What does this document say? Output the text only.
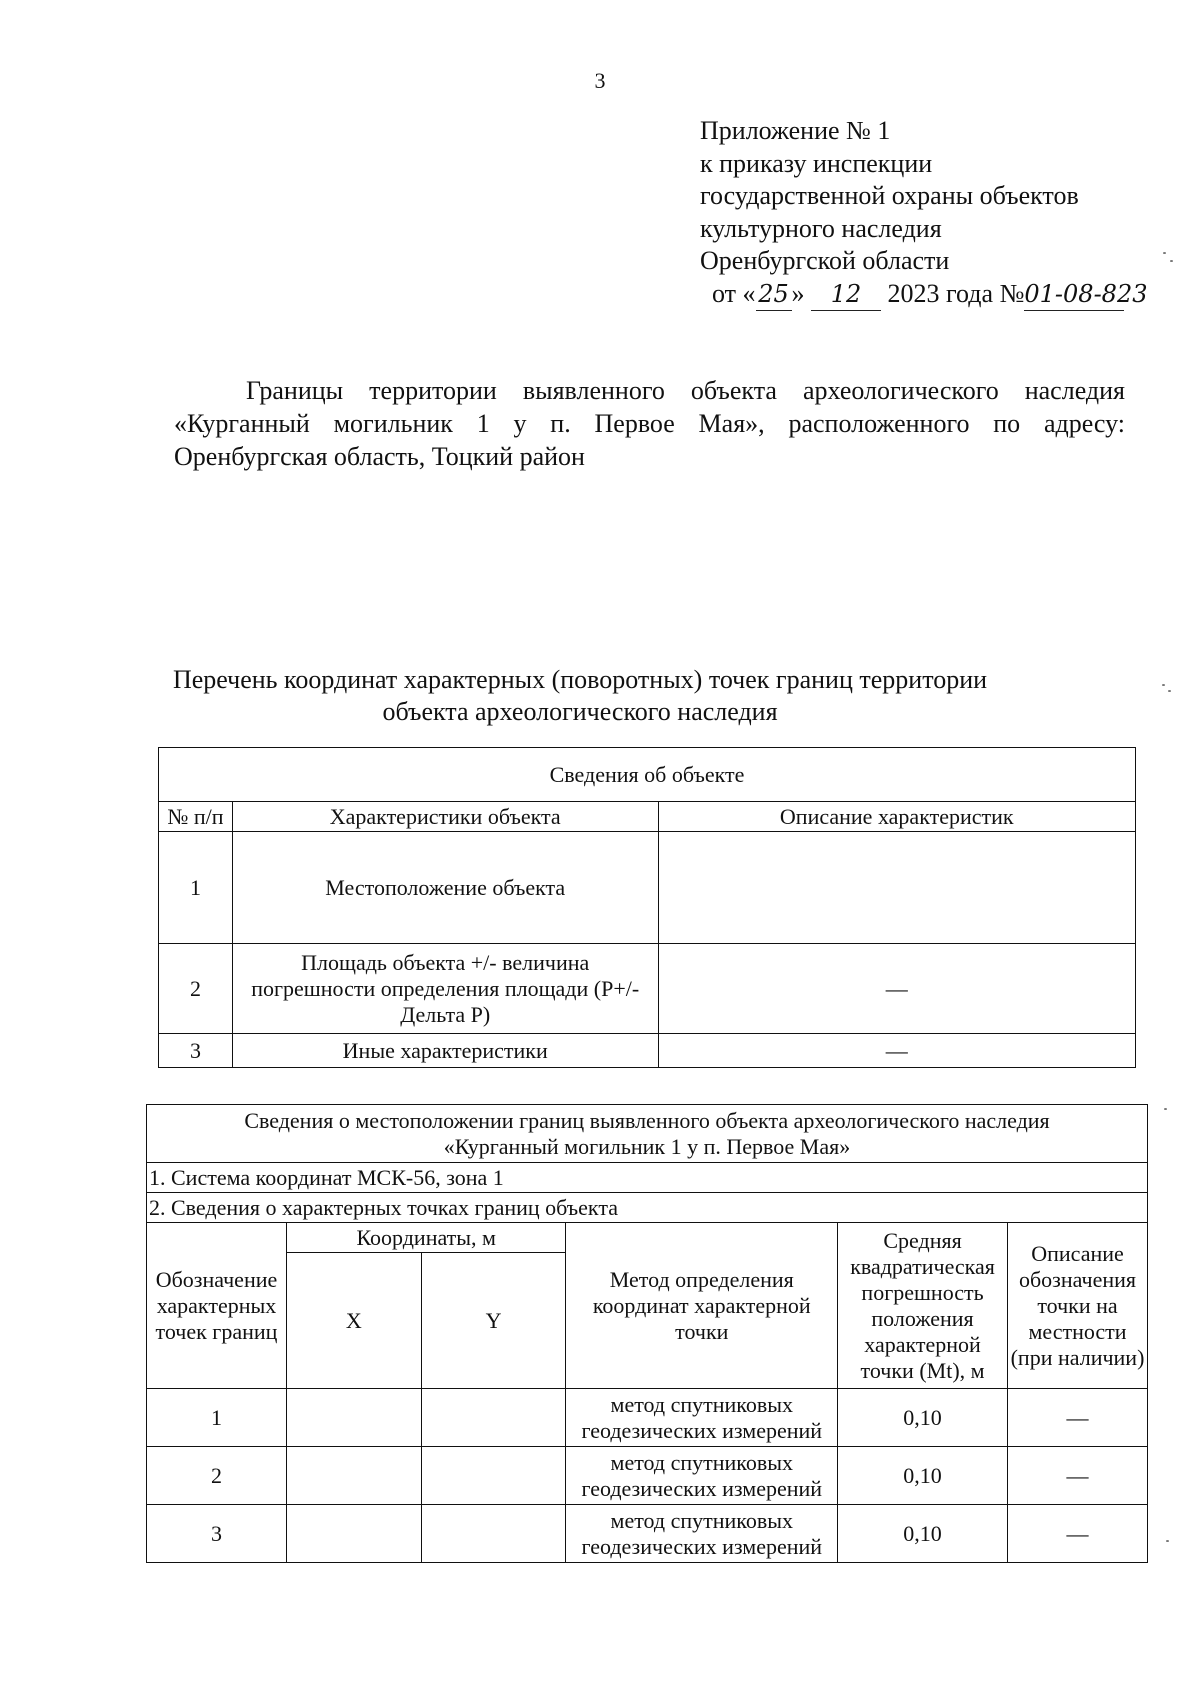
3
Приложение № 1
к приказу инспекции
государственной охраны объектов
культурного наследия
Оренбургской области
от « 25 » 12 2023 года №01-08-823
Границы территории выявленного объекта археологического наследия «Курганный могильник 1 у п. Первое Мая», расположенного по адресу: Оренбургская область, Тоцкий район
Перечень координат характерных (поворотных) точек границ территории
объекта археологического наследия
Сведения об объекте		
№ п/п	Характеристики объекта	Описание характеристик
1	Местоположение объекта	
2	Площадь объекта +/- величина погрешности определения площади (Р+/- Дельта Р)	—
3	Иные характеристики	—
Сведения о местоположении границ выявленного объекта археологического наследия
«Курганный могильник 1 у п. Первое Мая»					

1. Система координат МСК-56, зона 1					
2. Сведения о характерных точках границ объекта					
Обозначение характерных точек границ	Координаты, м		Метод определения координат характерной точки	Средняя квадратическая погрешность положения характерной точки (Mt), м	Описание обозначения точки на местности (при наличии)
	X	Y			
1			метод спутниковых геодезических измерений	0,10	—
2			метод спутниковых геодезических измерений	0,10	—
3			метод спутниковых геодезических измерений	0,10	—
